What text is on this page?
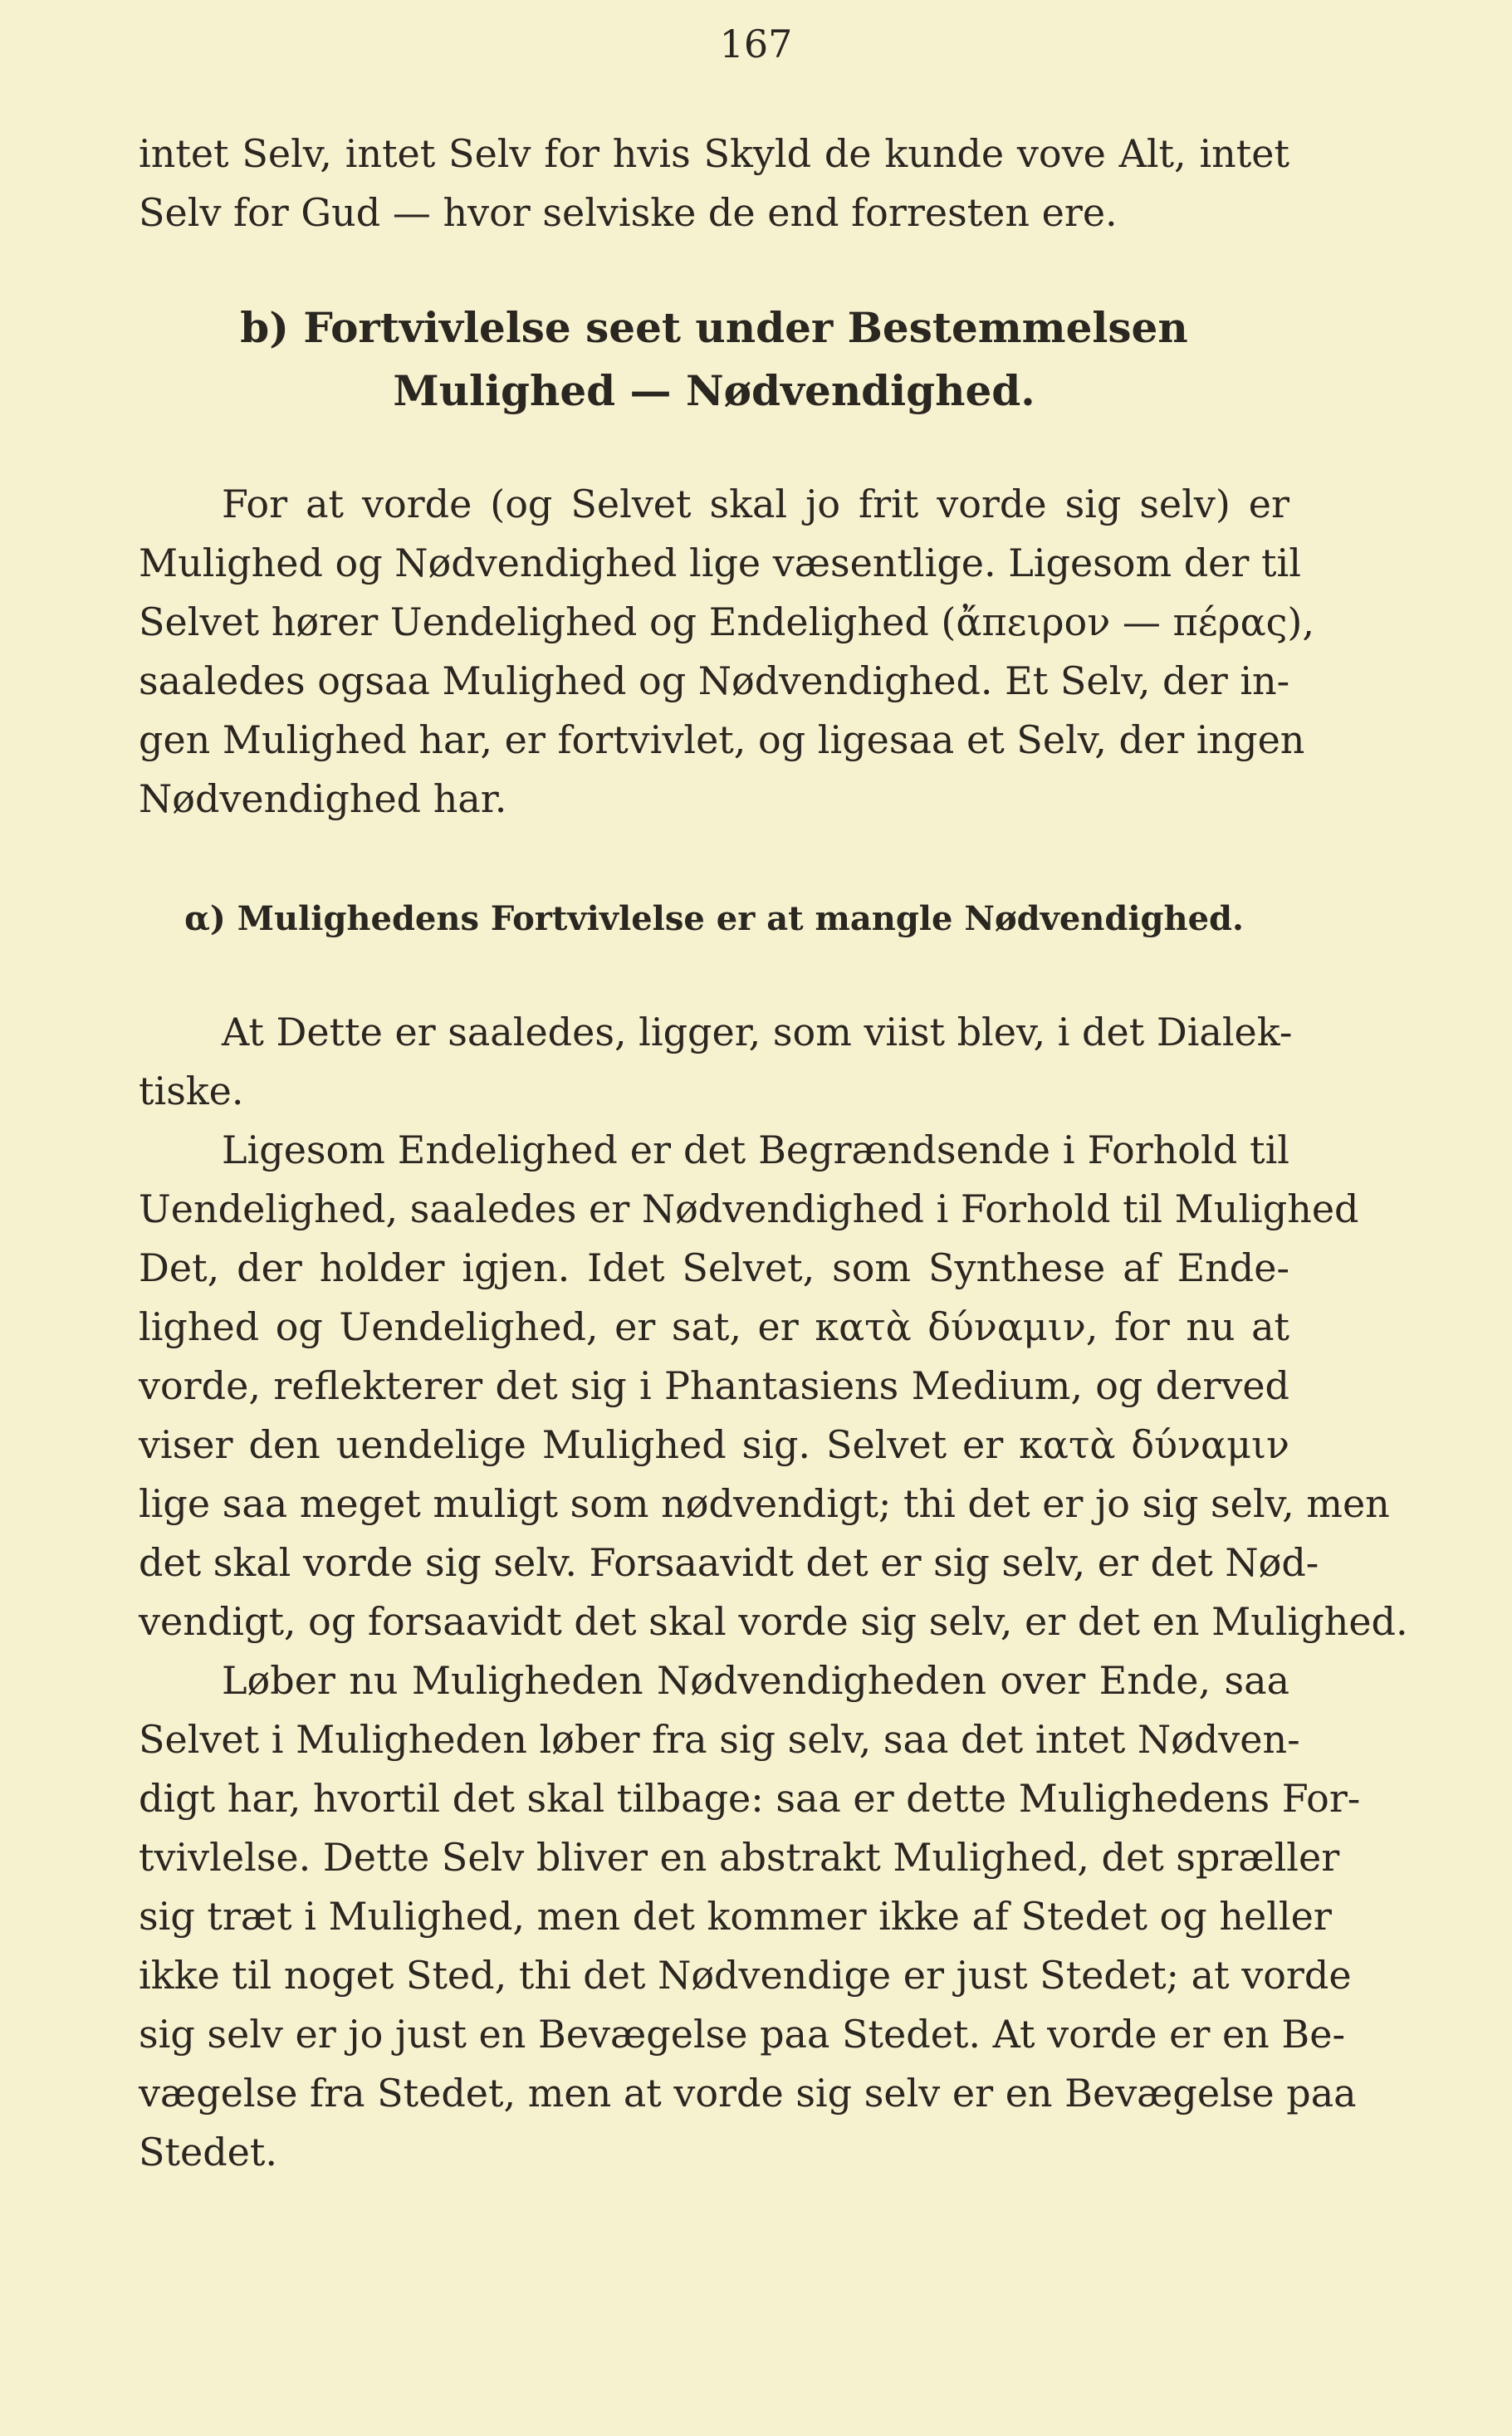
167
intet Selv, intet Selv for hvis Skyld de kunde vove Alt, intet
Selv for Gud — hvor selviske de end forresten ere.
b) Fortvivlelse seet under Bestemmelsen
Mulighed — Nødvendighed.
For at vorde (og Selvet skal jo frit vorde sig selv) er
Mulighed og Nødvendighed lige væsentlige. Ligesom der til
Selvet hører Uendelighed og Endelighed (ἄπειρον — πέρας),
saaledes ogsaa Mulighed og Nødvendighed. Et Selv, der in-
gen Mulighed har, er fortvivlet, og ligesaa et Selv, der ingen
Nødvendighed har.
α) Mulighedens Fortvivlelse er at mangle Nødvendighed.
At Dette er saaledes, ligger, som viist blev, i det Dialek-
tiske.
Ligesom Endelighed er det Begrændsende i Forhold til
Uendelighed, saaledes er Nødvendighed i Forhold til Mulighed
Det, der holder igjen. Idet Selvet, som Synthese af Ende-
lighed og Uendelighed, er sat, er κατὰ δύναμιν, for nu at
vorde, reflekterer det sig i Phantasiens Medium, og derved
viser den uendelige Mulighed sig. Selvet er κατὰ δύναμιν
lige saa meget muligt som nødvendigt; thi det er jo sig selv, men
det skal vorde sig selv. Forsaavidt det er sig selv, er det Nød-
vendigt, og forsaavidt det skal vorde sig selv, er det en Mulighed.
Løber nu Muligheden Nødvendigheden over Ende, saa
Selvet i Muligheden løber fra sig selv, saa det intet Nødven-
digt har, hvortil det skal tilbage: saa er dette Mulighedens For-
tvivlelse. Dette Selv bliver en abstrakt Mulighed, det spræller
sig træt i Mulighed, men det kommer ikke af Stedet og heller
ikke til noget Sted, thi det Nødvendige er just Stedet; at vorde
sig selv er jo just en Bevægelse paa Stedet. At vorde er en Be-
vægelse fra Stedet, men at vorde sig selv er en Bevægelse paa
Stedet.
